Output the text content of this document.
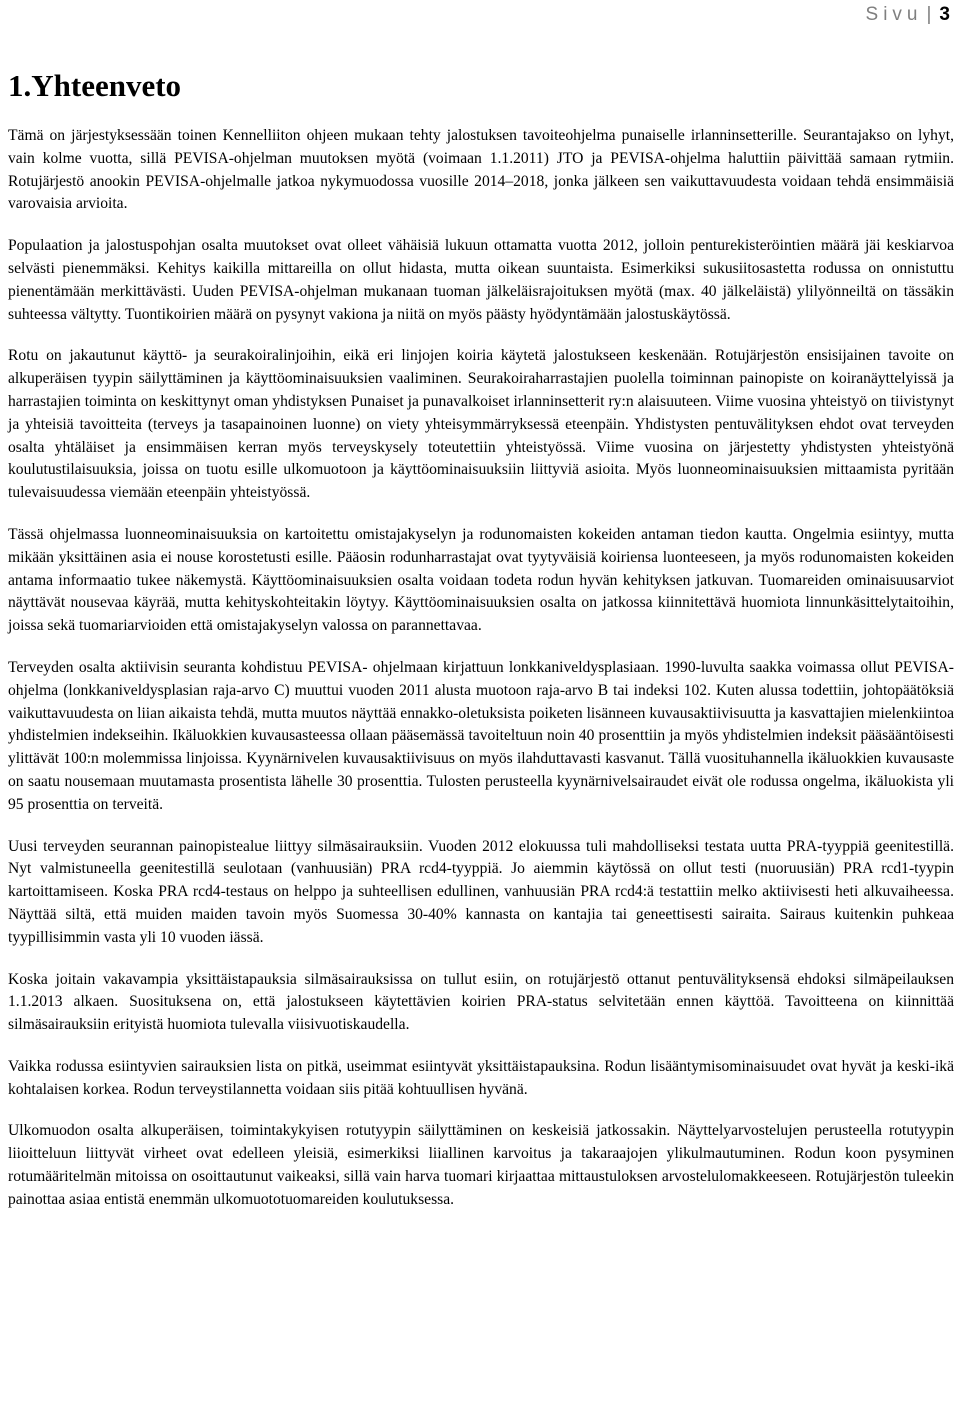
Sivu | 3
1.Yhteenveto

Tämä on järjestyksessään toinen Kennelliiton ohjeen mukaan tehty jalostuksen tavoiteohjelma punaiselle irlanninsetterille. Seurantajakso on lyhyt, vain kolme vuotta, sillä PEVISA-ohjelman muutoksen myötä (voimaan 1.1.2011) JTO ja PEVISA-ohjelma haluttiin päivittää samaan rytmiin. Rotujärjestö anookin PEVISA-ohjelmalle jatkoa nykymuodossa vuosille 2014–2018, jonka jälkeen sen vaikuttavuudesta voidaan tehdä ensimmäisiä varovaisia arvioita.

Populaation ja jalostuspohjan osalta muutokset ovat olleet vähäisiä lukuun ottamatta vuotta 2012, jolloin penturekisteröintien määrä jäi keskiarvoa selvästi pienemmäksi. Kehitys kaikilla mittareilla on ollut hidasta, mutta oikean suuntaista. Esimerkiksi sukusiitosastetta rodussa on onnistuttu pienentämään merkittävästi. Uuden PEVISA-ohjelman mukanaan tuoman jälkeläisrajoituksen myötä (max. 40 jälkeläistä) ylilyönneiltä on tässäkin suhteessa vältytty. Tuontikoirien määrä on pysynyt vakiona ja niitä on myös päästy hyödyntämään jalostuskäytössä.

Rotu on jakautunut käyttö- ja seurakoiralinjoihin, eikä eri linjojen koiria käytetä jalostukseen keskenään. Rotujärjestön ensisijainen tavoite on alkuperäisen tyypin säilyttäminen ja käyttöominaisuuksien vaaliminen. Seurakoiraharrastajien puolella toiminnan painopiste on koiranäyttelyissä ja harrastajien toiminta on keskittynyt oman yhdistyksen Punaiset ja punavalkoiset irlanninsetterit ry:n alaisuuteen. Viime vuosina yhteistyö on tiivistynyt ja yhteisiä tavoitteita (terveys ja tasapainoinen luonne) on viety yhteisymmärryksessä eteenpäin. Yhdistysten pentuvälityksen ehdot ovat terveyden osalta yhtäläiset ja ensimmäisen kerran myös terveyskysely toteutettiin yhteistyössä. Viime vuosina on järjestetty yhdistysten yhteistyönä koulutustilaisuuksia, joissa on tuotu esille ulkomuotoon ja käyttöominaisuuksiin liittyviä asioita. Myös luonneominaisuuksien mittaamista pyritään tulevaisuudessa viemään eteenpäin yhteistyössä.

Tässä ohjelmassa luonneominaisuuksia on kartoitettu omistajakyselyn ja rodunomaisten kokeiden antaman tiedon kautta. Ongelmia esiintyy, mutta mikään yksittäinen asia ei nouse korostetusti esille. Pääosin rodunharrastajat ovat tyytyväisiä koiriensa luonteeseen, ja myös rodunomaisten kokeiden antama informaatio tukee näkemystä. Käyttöominaisuuksien osalta voidaan todeta rodun hyvän kehityksen jatkuvan. Tuomareiden ominaisuusarviot näyttävät nousevaa käyrää, mutta kehityskohteitakin löytyy. Käyttöominaisuuksien osalta on jatkossa kiinnitettävä huomiota linnunkäsittelytaitoihin, joissa sekä tuomariarvioiden että omistajakyselyn valossa on parannettavaa.

Terveyden osalta aktiivisin seuranta kohdistuu PEVISA- ohjelmaan kirjattuun lonkkaniveldysplasiaan. 1990-luvulta saakka voimassa ollut PEVISA-ohjelma (lonkkaniveldysplasian raja-arvo C) muuttui vuoden 2011 alusta muotoon raja-arvo B tai indeksi 102. Kuten alussa todettiin, johtopäätöksiä vaikuttavuudesta on liian aikaista tehdä, mutta muutos näyttää ennakko-oletuksista poiketen lisänneen kuvausaktiivisuutta ja kasvattajien mielenkiintoa yhdistelmien indekseihin. Ikäluokkien kuvausasteessa ollaan pääsemässä tavoiteltuun noin 40 prosenttiin ja myös yhdistelmien indeksit pääsääntöisesti ylittävät 100:n molemmissa linjoissa. Kyynärnivelen kuvausaktiivisuus on myös ilahduttavasti kasvanut. Tällä vuosituhannella ikäluokkien kuvausaste on saatu nousemaan muutamasta prosentista lähelle 30 prosenttia. Tulosten perusteella kyynärnivelsairaudet eivät ole rodussa ongelma, ikäluokista yli 95 prosenttia on terveitä.

Uusi terveyden seurannan painopistealue liittyy silmäsairauksiin. Vuoden 2012 elokuussa tuli mahdolliseksi testata uutta PRA-tyyppiä geenitestillä. Nyt valmistuneella geenitestillä seulotaan (vanhuusiän) PRA rcd4-tyyppiä. Jo aiemmin käytössä on ollut testi (nuoruusiän) PRA rcd1-tyypin kartoittamiseen. Koska PRA rcd4-testaus on helppo ja suhteellisen edullinen, vanhuusiän PRA rcd4:ä testattiin melko aktiivisesti heti alkuvaiheessa. Näyttää siltä, että muiden maiden tavoin myös Suomessa 30-40% kannasta on kantajia tai geneettisesti sairaita. Sairaus kuitenkin puhkeaa tyypillisimmin vasta yli 10 vuoden iässä.

Koska joitain vakavampia yksittäistapauksia silmäsairauksissa on tullut esiin, on rotujärjestö ottanut pentuvälityksensä ehdoksi silmäpeilauksen 1.1.2013 alkaen. Suosituksena on, että jalostukseen käytettävien koirien PRA-status selvitetään ennen käyttöä. Tavoitteena on kiinnittää silmäsairauksiin erityistä huomiota tulevalla viisivuotiskaudella.

Vaikka rodussa esiintyvien sairauksien lista on pitkä, useimmat esiintyvät yksittäistapauksina. Rodun lisääntymisominaisuudet ovat hyvät ja keski-ikä kohtalaisen korkea. Rodun terveystilannetta voidaan siis pitää kohtuullisen hyvänä.

Ulkomuodon osalta alkuperäisen, toimintakykyisen rotutyypin säilyttäminen on keskeisiä jatkossakin. Näyttelyarvostelujen perusteella rotutyypin liioitteluun liittyvät virheet ovat edelleen yleisiä, esimerkiksi liiallinen karvoitus ja takaraajojen ylikulmautuminen. Rodun koon pysyminen rotumääritelmän mitoissa on osoittautunut vaikeaksi, sillä vain harva tuomari kirjaattaa mittaustuloksen arvostelulomakkeeseen. Rotujärjestön tuleekin painottaa asiaa entistä enemmän ulkomuototuomareiden koulutuksessa.
